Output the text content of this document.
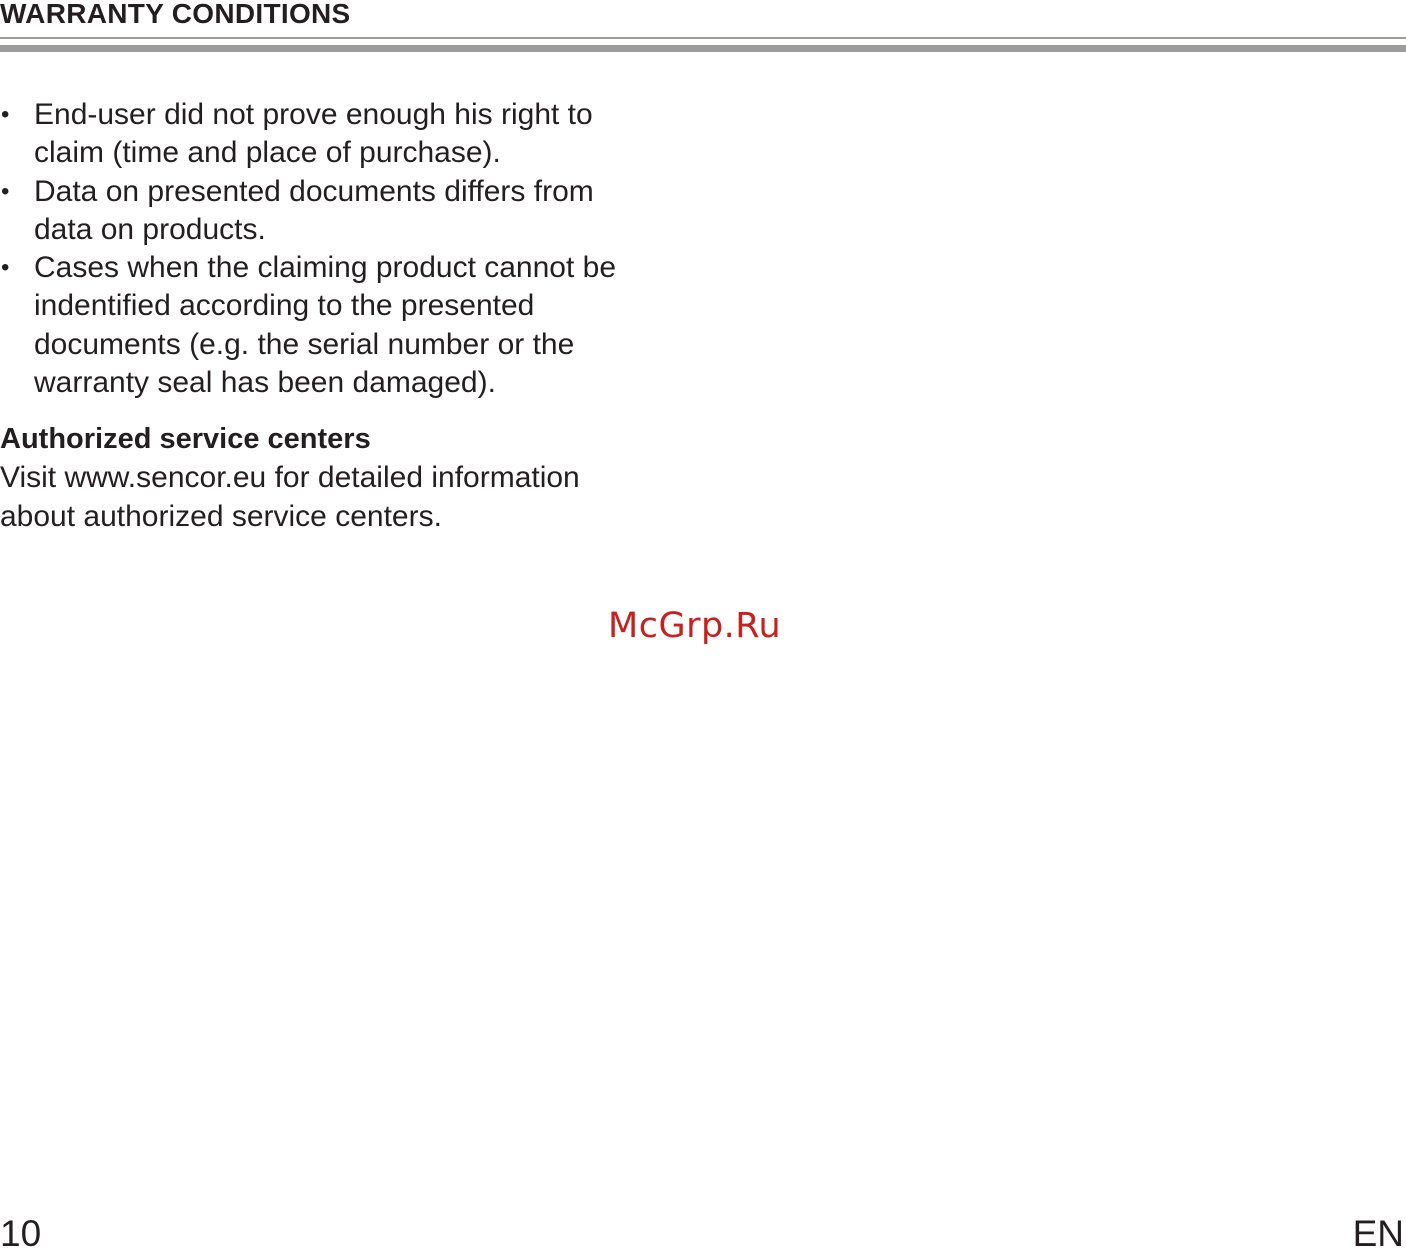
WARRANTY CONDITIONS
• End-user did not prove enough his right to claim (time and place of purchase).
• Data on presented documents differs from data on products.
• Cases when the claiming product cannot be indentified according to the presented documents (e.g. the serial number or the warranty seal has been damaged).
Authorized service centers
Visit www.sencor.eu for detailed information about authorized service centers.
McGrp.Ru
10	EN
